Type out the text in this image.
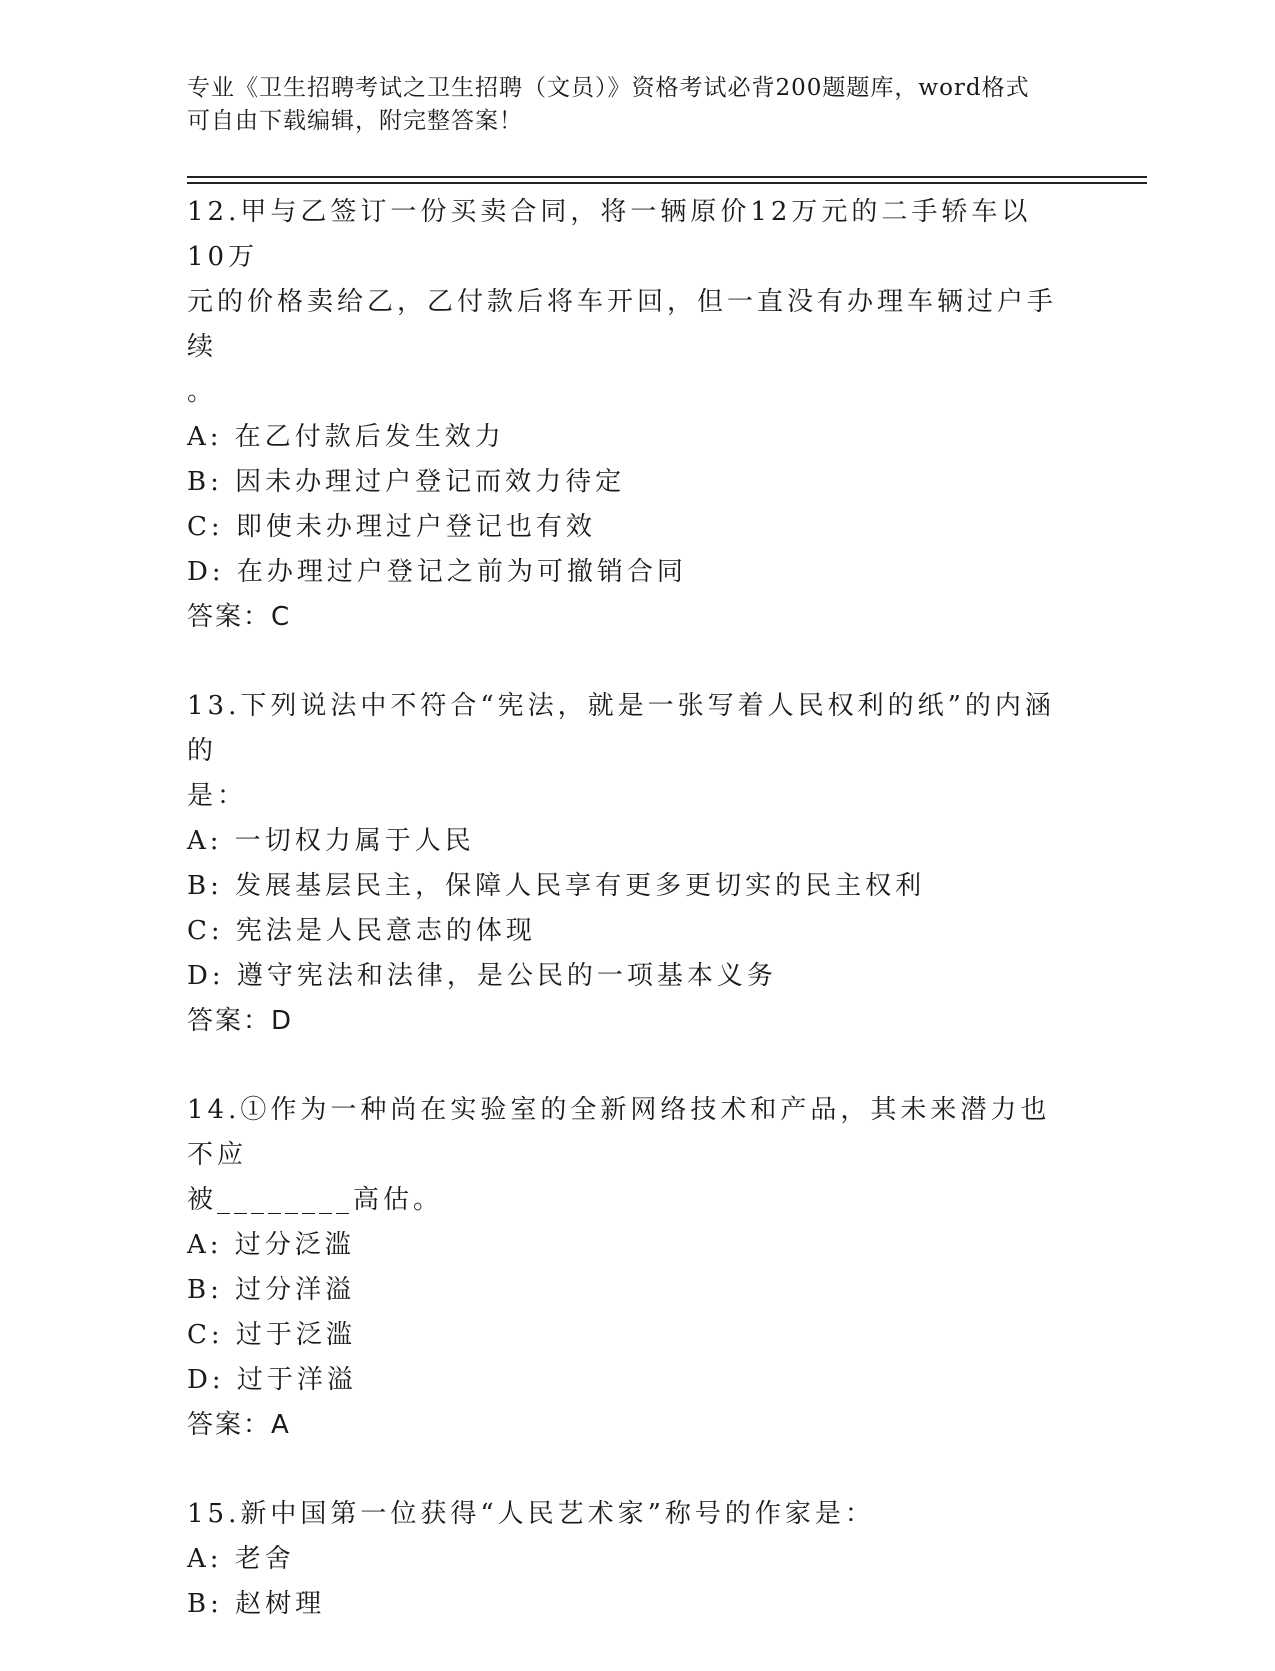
专业《卫生招聘考试之卫生招聘（文员）》资格考试必背200题题库，word格式
可自由下载编辑，附完整答案！

12.甲与乙签订一份买卖合同，将一辆原价12万元的二手轿车以10万

元的价格卖给乙，乙付款后将车开回，但一直没有办理车辆过户手续

。

A: 在乙付款后发生效力

B: 因未办理过户登记而效力待定

C: 即使未办理过户登记也有效

D: 在办理过户登记之前为可撤销合同

答案：C

13.下列说法中不符合“宪法，就是一张写着人民权利的纸”的内涵的

是：

A: 一切权力属于人民

B: 发展基层民主，保障人民享有更多更切实的民主权利

C: 宪法是人民意志的体现

D: 遵守宪法和法律，是公民的一项基本义务

答案：D

14.①作为一种尚在实验室的全新网络技术和产品，其未来潜力也不应

被________高估。

A: 过分泛滥

B: 过分洋溢

C: 过于泛滥

D: 过于洋溢

答案：A

15.新中国第一位获得“人民艺术家”称号的作家是：

A: 老舍

B: 赵树理
